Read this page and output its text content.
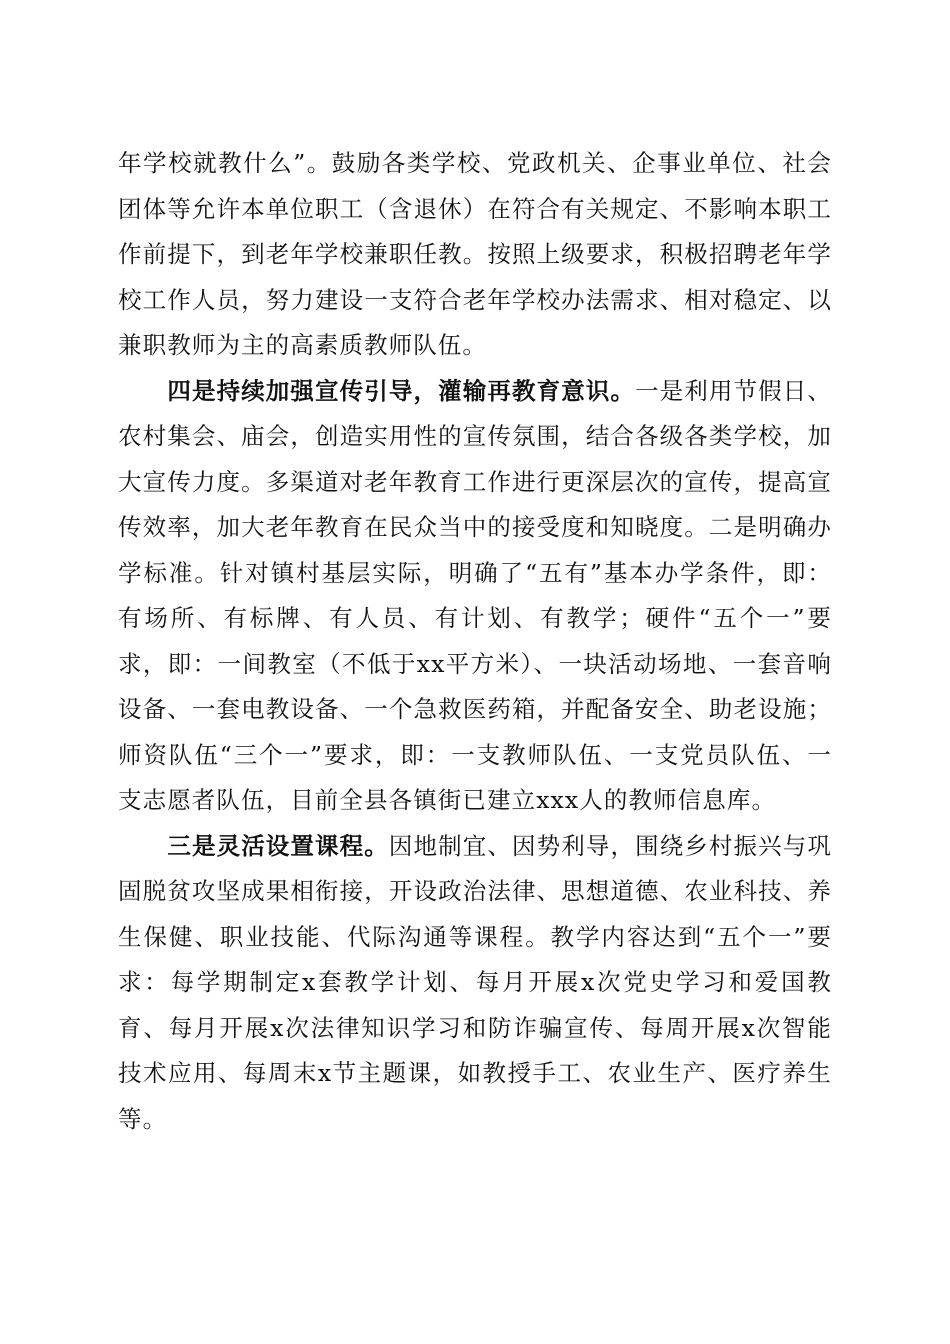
年学校就教什么”。鼓励各类学校、党政机关、企事业单位、社会团体等允许本单位职工（含退休）在符合有关规定、不影响本职工作前提下，到老年学校兼职任教。按照上级要求，积极招聘老年学校工作人员，努力建设一支符合老年学校办法需求、相对稳定、以兼职教师为主的高素质教师队伍。

四是持续加强宣传引导，灌输再教育意识。一是利用节假日、农村集会、庙会，创造实用性的宣传氛围，结合各级各类学校，加大宣传力度。多渠道对老年教育工作进行更深层次的宣传，提高宣传效率，加大老年教育在民众当中的接受度和知晓度。二是明确办学标准。针对镇村基层实际，明确了“五有”基本办学条件，即：有场所、有标牌、有人员、有计划、有教学；硬件“五个一”要求，即：一间教室（不低于xx平方米）、一块活动场地、一套音响设备、一套电教设备、一个急救医药箱，并配备安全、助老设施；师资队伍“三个一”要求，即：一支教师队伍、一支党员队伍、一支志愿者队伍，目前全县各镇街已建立xxx人的教师信息库。

三是灵活设置课程。因地制宜、因势利导，围绕乡村振兴与巩固脱贫攻坚成果相衔接，开设政治法律、思想道德、农业科技、养生保健、职业技能、代际沟通等课程。教学内容达到“五个一”要求：每学期制定x套教学计划、每月开展x次党史学习和爱国教育、每月开展x次法律知识学习和防诈骗宣传、每周开展x次智能技术应用、每周末x节主题课，如教授手工、农业生产、医疗养生等。
